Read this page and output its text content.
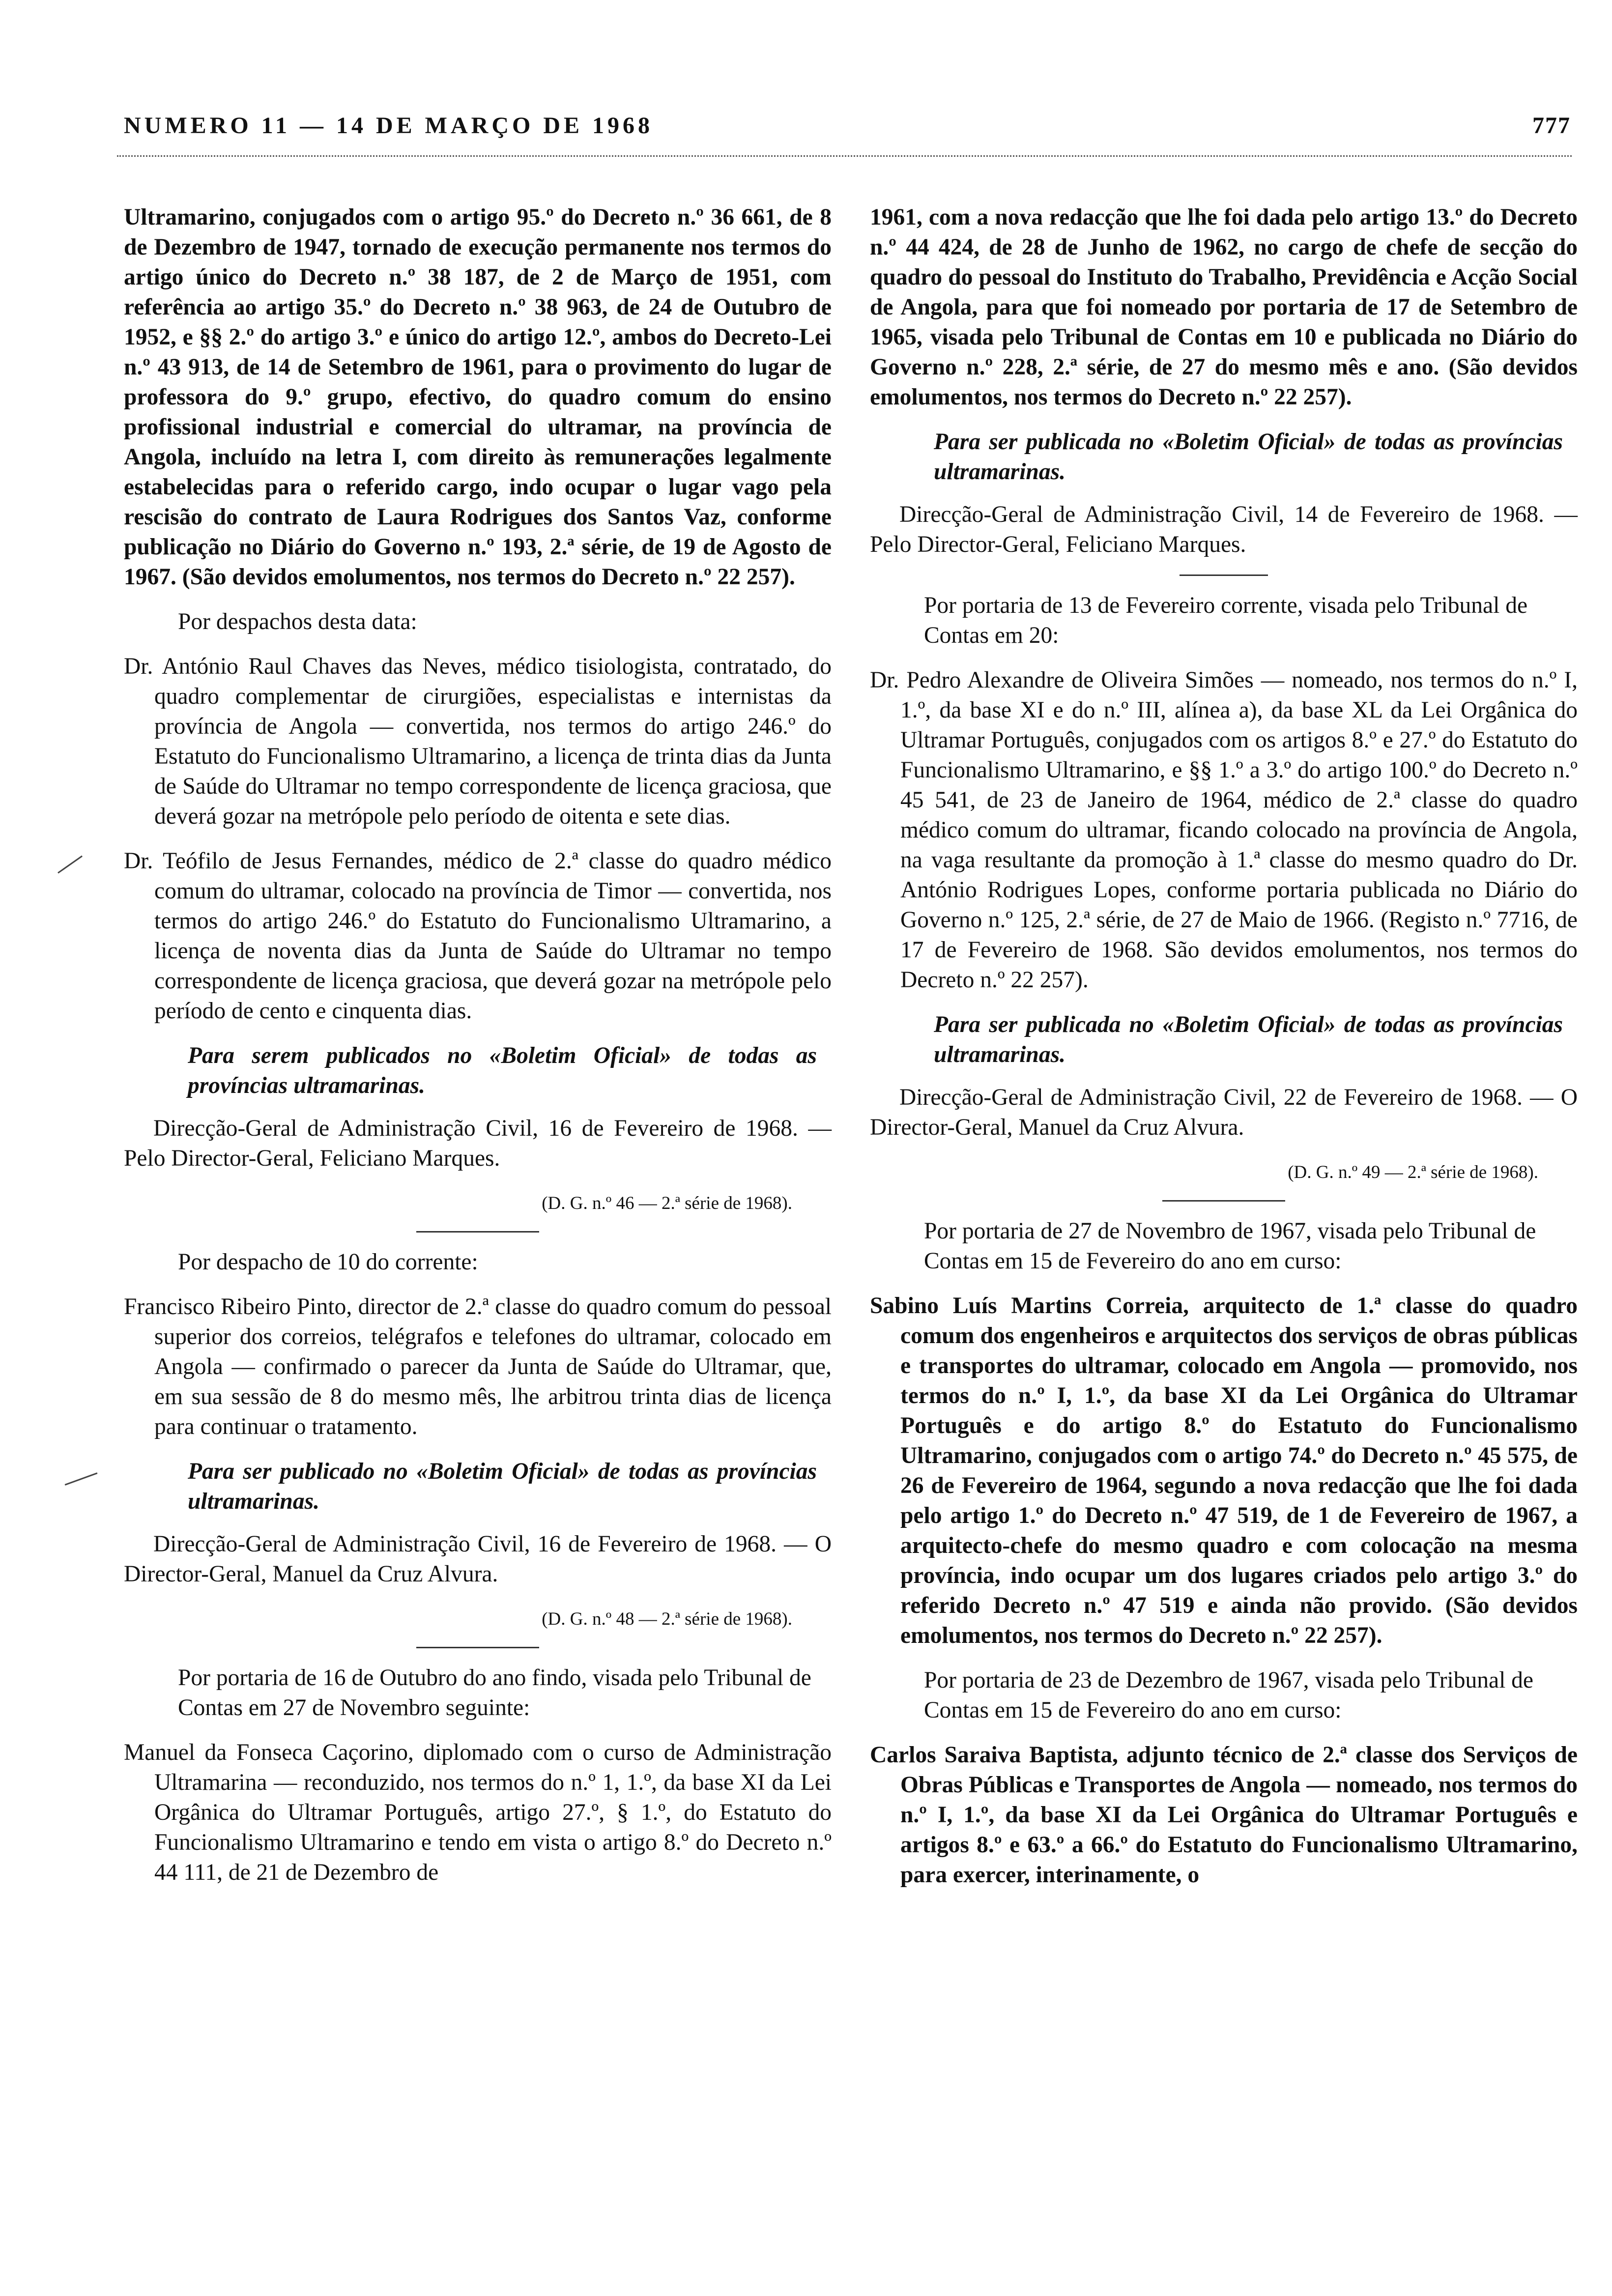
NUMERO 11 — 14 DE MARÇO DE 1968	777

Ultramarino, conjugados com o artigo 95.º do Decreto n.º 36 661, de 8 de Dezembro de 1947, tornado de execução permanente nos termos do artigo único do Decreto n.º 38 187, de 2 de Março de 1951, com referência ao artigo 35.º do Decreto n.º 38 963, de 24 de Outubro de 1952, e §§ 2.º do artigo 3.º e único do artigo 12.º, ambos do Decreto-Lei n.º 43 913, de 14 de Setembro de 1961, para o provimento do lugar de professora do 9.º grupo, efectivo, do quadro comum do ensino profissional industrial e comercial do ultramar, na província de Angola, incluído na letra I, com direito às remunerações legalmente estabelecidas para o referido cargo, indo ocupar o lugar vago pela rescisão do contrato de Laura Rodrigues dos Santos Vaz, conforme publicação no Diário do Governo n.º 193, 2.ª série, de 19 de Agosto de 1967. (São devidos emolumentos, nos termos do Decreto n.º 22 257).

Por despachos desta data:

Dr. António Raul Chaves das Neves, médico tisiologista, contratado, do quadro complementar de cirurgiões, especialistas e internistas da província de Angola — convertida, nos termos do artigo 246.º do Estatuto do Funcionalismo Ultramarino, a licença de trinta dias da Junta de Saúde do Ultramar no tempo correspondente de licença graciosa, que deverá gozar na metrópole pelo período de oitenta e sete dias.

Dr. Teófilo de Jesus Fernandes, médico de 2.ª classe do quadro médico comum do ultramar, colocado na província de Timor — convertida, nos termos do artigo 246.º do Estatuto do Funcionalismo Ultramarino, a licença de noventa dias da Junta de Saúde do Ultramar no tempo correspondente de licença graciosa, que deverá gozar na metrópole pelo período de cento e cinquenta dias.

Para serem publicados no «Boletim Oficial» de todas as províncias ultramarinas.

Direcção-Geral de Administração Civil, 16 de Fevereiro de 1968. — Pelo Director-Geral, Feliciano Marques.

(D. G. n.º 46 — 2.ª série de 1968).

Por despacho de 10 do corrente:

Francisco Ribeiro Pinto, director de 2.ª classe do quadro comum do pessoal superior dos correios, telégrafos e telefones do ultramar, colocado em Angola — confirmado o parecer da Junta de Saúde do Ultramar, que, em sua sessão de 8 do mesmo mês, lhe arbitrou trinta dias de licença para continuar o tratamento.

Para ser publicado no «Boletim Oficial» de todas as províncias ultramarinas.

Direcção-Geral de Administração Civil, 16 de Fevereiro de 1968. — O Director-Geral, Manuel da Cruz Alvura.

(D. G. n.º 48 — 2.ª série de 1968).

Por portaria de 16 de Outubro do ano findo, visada pelo Tribunal de Contas em 27 de Novembro seguinte:

Manuel da Fonseca Caçorino, diplomado com o curso de Administração Ultramarina — reconduzido, nos termos do n.º 1, 1.º, da base XI da Lei Orgânica do Ultramar Português, artigo 27.º, § 1.º, do Estatuto do Funcionalismo Ultramarino e tendo em vista o artigo 8.º do Decreto n.º 44 111, de 21 de Dezembro de

1961, com a nova redacção que lhe foi dada pelo artigo 13.º do Decreto n.º 44 424, de 28 de Junho de 1962, no cargo de chefe de secção do quadro do pessoal do Instituto do Trabalho, Previdência e Acção Social de Angola, para que foi nomeado por portaria de 17 de Setembro de 1965, visada pelo Tribunal de Contas em 10 e publicada no Diário do Governo n.º 228, 2.ª série, de 27 do mesmo mês e ano. (São devidos emolumentos, nos termos do Decreto n.º 22 257).

Para ser publicada no «Boletim Oficial» de todas as províncias ultramarinas.

Direcção-Geral de Administração Civil, 14 de Fevereiro de 1968. — Pelo Director-Geral, Feliciano Marques.

Por portaria de 13 de Fevereiro corrente, visada pelo Tribunal de Contas em 20:

Dr. Pedro Alexandre de Oliveira Simões — nomeado, nos termos do n.º I, 1.º, da base XI e do n.º III, alínea a), da base XL da Lei Orgânica do Ultramar Português, conjugados com os artigos 8.º e 27.º do Estatuto do Funcionalismo Ultramarino, e §§ 1.º a 3.º do artigo 100.º do Decreto n.º 45 541, de 23 de Janeiro de 1964, médico de 2.ª classe do quadro médico comum do ultramar, ficando colocado na província de Angola, na vaga resultante da promoção à 1.ª classe do mesmo quadro do Dr. António Rodrigues Lopes, conforme portaria publicada no Diário do Governo n.º 125, 2.ª série, de 27 de Maio de 1966. (Registo n.º 7716, de 17 de Fevereiro de 1968. São devidos emolumentos, nos termos do Decreto n.º 22 257).

Para ser publicada no «Boletim Oficial» de todas as províncias ultramarinas.

Direcção-Geral de Administração Civil, 22 de Fevereiro de 1968. — O Director-Geral, Manuel da Cruz Alvura.

(D. G. n.º 49 — 2.ª série de 1968).

Por portaria de 27 de Novembro de 1967, visada pelo Tribunal de Contas em 15 de Fevereiro do ano em curso:

Sabino Luís Martins Correia, arquitecto de 1.ª classe do quadro comum dos engenheiros e arquitectos dos serviços de obras públicas e transportes do ultramar, colocado em Angola — promovido, nos termos do n.º I, 1.º, da base XI da Lei Orgânica do Ultramar Português e do artigo 8.º do Estatuto do Funcionalismo Ultramarino, conjugados com o artigo 74.º do Decreto n.º 45 575, de 26 de Fevereiro de 1964, segundo a nova redacção que lhe foi dada pelo artigo 1.º do Decreto n.º 47 519, de 1 de Fevereiro de 1967, a arquitecto-chefe do mesmo quadro e com colocação na mesma província, indo ocupar um dos lugares criados pelo artigo 3.º do referido Decreto n.º 47 519 e ainda não provido. (São devidos emolumentos, nos termos do Decreto n.º 22 257).

Por portaria de 23 de Dezembro de 1967, visada pelo Tribunal de Contas em 15 de Fevereiro do ano em curso:

Carlos Saraiva Baptista, adjunto técnico de 2.ª classe dos Serviços de Obras Públicas e Transportes de Angola — nomeado, nos termos do n.º I, 1.º, da base XI da Lei Orgânica do Ultramar Português e artigos 8.º e 63.º a 66.º do Estatuto do Funcionalismo Ultramarino, para exercer, interinamente, o
